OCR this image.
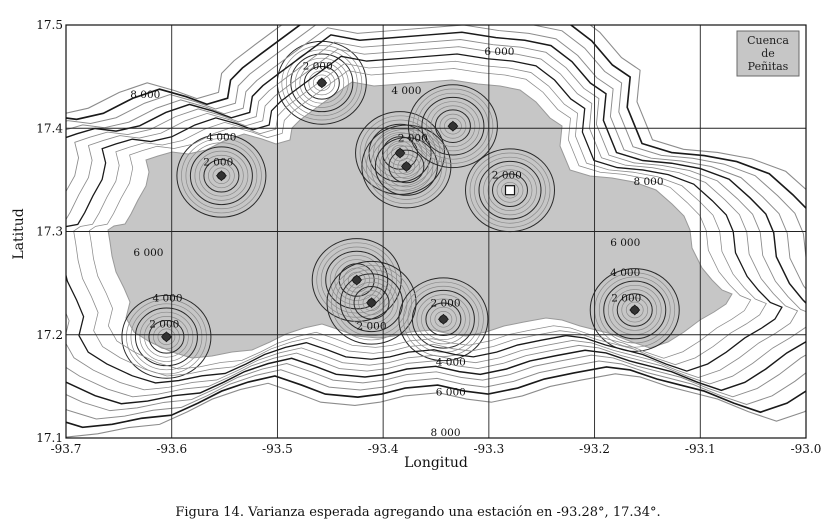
8 000
6 000
4 000
2 000
4 000
2 000
2 000
2 000
8 000
6 000
6 000
4 000
2 000
4 000
2 000
2 000
2 000
4 000
6 000
8 000
-93.7	-93.6	-93.5	-93.4	-93.3	-93.2	-93.1	-93.0
17.1
17.2
17.3
17.4
17.5
Longitud
Latitud
Cuenca
de
Peñitas
Figura 14. Varianza esperada agregando una estación en -93.28°, 17.34°.
